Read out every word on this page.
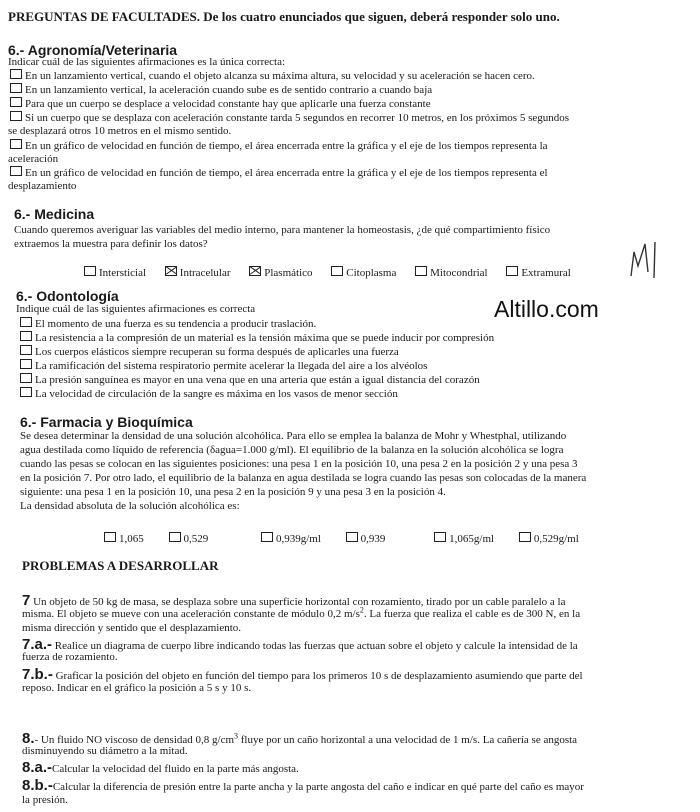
PREGUNTAS DE FACULTADES. De los cuatro enunciados que siguen, deberá responder solo uno.
6.- Agronomía/Veterinaria
Indicar cuál de las siguientes afirmaciones es la única correcta:
En un lanzamiento vertical, cuando el objeto alcanza su máxima altura, su velocidad y su aceleración se hacen cero.
En un lanzamiento vertical, la aceleración cuando sube es de sentido contrario a cuando baja
Para que un cuerpo se desplace a velocidad constante hay que aplicarle una fuerza constante
Si un cuerpo que se desplaza con aceleración constante tarda 5 segundos en recorrer 10 metros, en los próximos 5 segundos
se desplazará otros 10 metros en el mismo sentido.
En un gráfico de velocidad en función de tiempo, el área encerrada entre la gráfica y el eje de los tiempos representa la
aceleración
En un gráfico de velocidad en función de tiempo, el área encerrada entre la gráfica y el eje de los tiempos representa el
desplazamiento
6.- Medicina
Cuando queremos averiguar las variables del medio interno, para mantener la homeostasis, ¿de qué compartimiento físico
extraemos la muestra para definir los datos?
Intersticial	Intracelular	Plasmático	Citoplasma	Mitocondrial	Extramural
Altillo.com
6.- Odontología
Indique cuál de las siguientes afirmaciones es correcta
El momento de una fuerza es su tendencia a producir traslación.
La resistencia a la compresión de un material es la tensión máxima que se puede inducir por compresión
Los cuerpos elásticos siempre recuperan su forma después de aplicarles una fuerza
La ramificación del sistema respiratorio permite acelerar la llegada del aire a los alvéolos
La presión sanguínea es mayor en una vena que en una arteria que están a igual distancia del corazón
La velocidad de circulación de la sangre es máxima en los vasos de menor sección
6.- Farmacia y Bioquímica
Se desea determinar la densidad de una solución alcohólica. Para ello se emplea la balanza de Mohr y Whestphal, utilizando
agua destilada como líquido de referencia (δagua=1.000 g/ml). El equilibrio de la balanza en la solución alcohólica se logra
cuando las pesas se colocan en las siguientes posiciones: una pesa 1 en la posición 10, una pesa 2 en la posición 2 y una pesa 3
en la posición 7. Por otro lado, el equilibrio de la balanza en agua destilada se logra cuando las pesas son colocadas de la manera
siguiente: una pesa 1 en la posición 10, una pesa 2 en la posición 9 y una pesa 3 en la posición 4.
La densidad absoluta de la solución alcohólica es:
1,065	0,529	0,939g/ml	0,939	1,065g/ml	0,529g/ml
PROBLEMAS A DESARROLLAR
7 Un objeto de 50 kg de masa, se desplaza sobre una superficie horizontal con rozamiento, tirado por un cable paralelo a la
misma. El objeto se mueve con una aceleración constante de módulo 0,2 $m/s^2$. La fuerza que realiza el cable es de 300 N, en la
misma dirección y sentido que el desplazamiento.
7.a.- Realice un diagrama de cuerpo libre indicando todas las fuerzas que actuan sobre el objeto y calcule la intensidad de la
fuerza de rozamiento.
7.b.- Graficar la posición del objeto en función del tiempo para los primeros 10 s de desplazamiento asumiendo que parte del
reposo. Indicar en el gráfico la posición a 5 s y 10 s.
8.- Un fluido NO viscoso de densidad 0,8 $g/cm^3$ fluye por un caño horizontal a una velocidad de 1 m/s. La cañería se angosta
disminuyendo su diámetro a la mitad.
8.a.-Calcular la velocidad del fluido en la parte más angosta.
8.b.-Calcular la diferencia de presión entre la parte ancha y la parte angosta del caño e indicar en qué parte del caño es mayor
la presión.
